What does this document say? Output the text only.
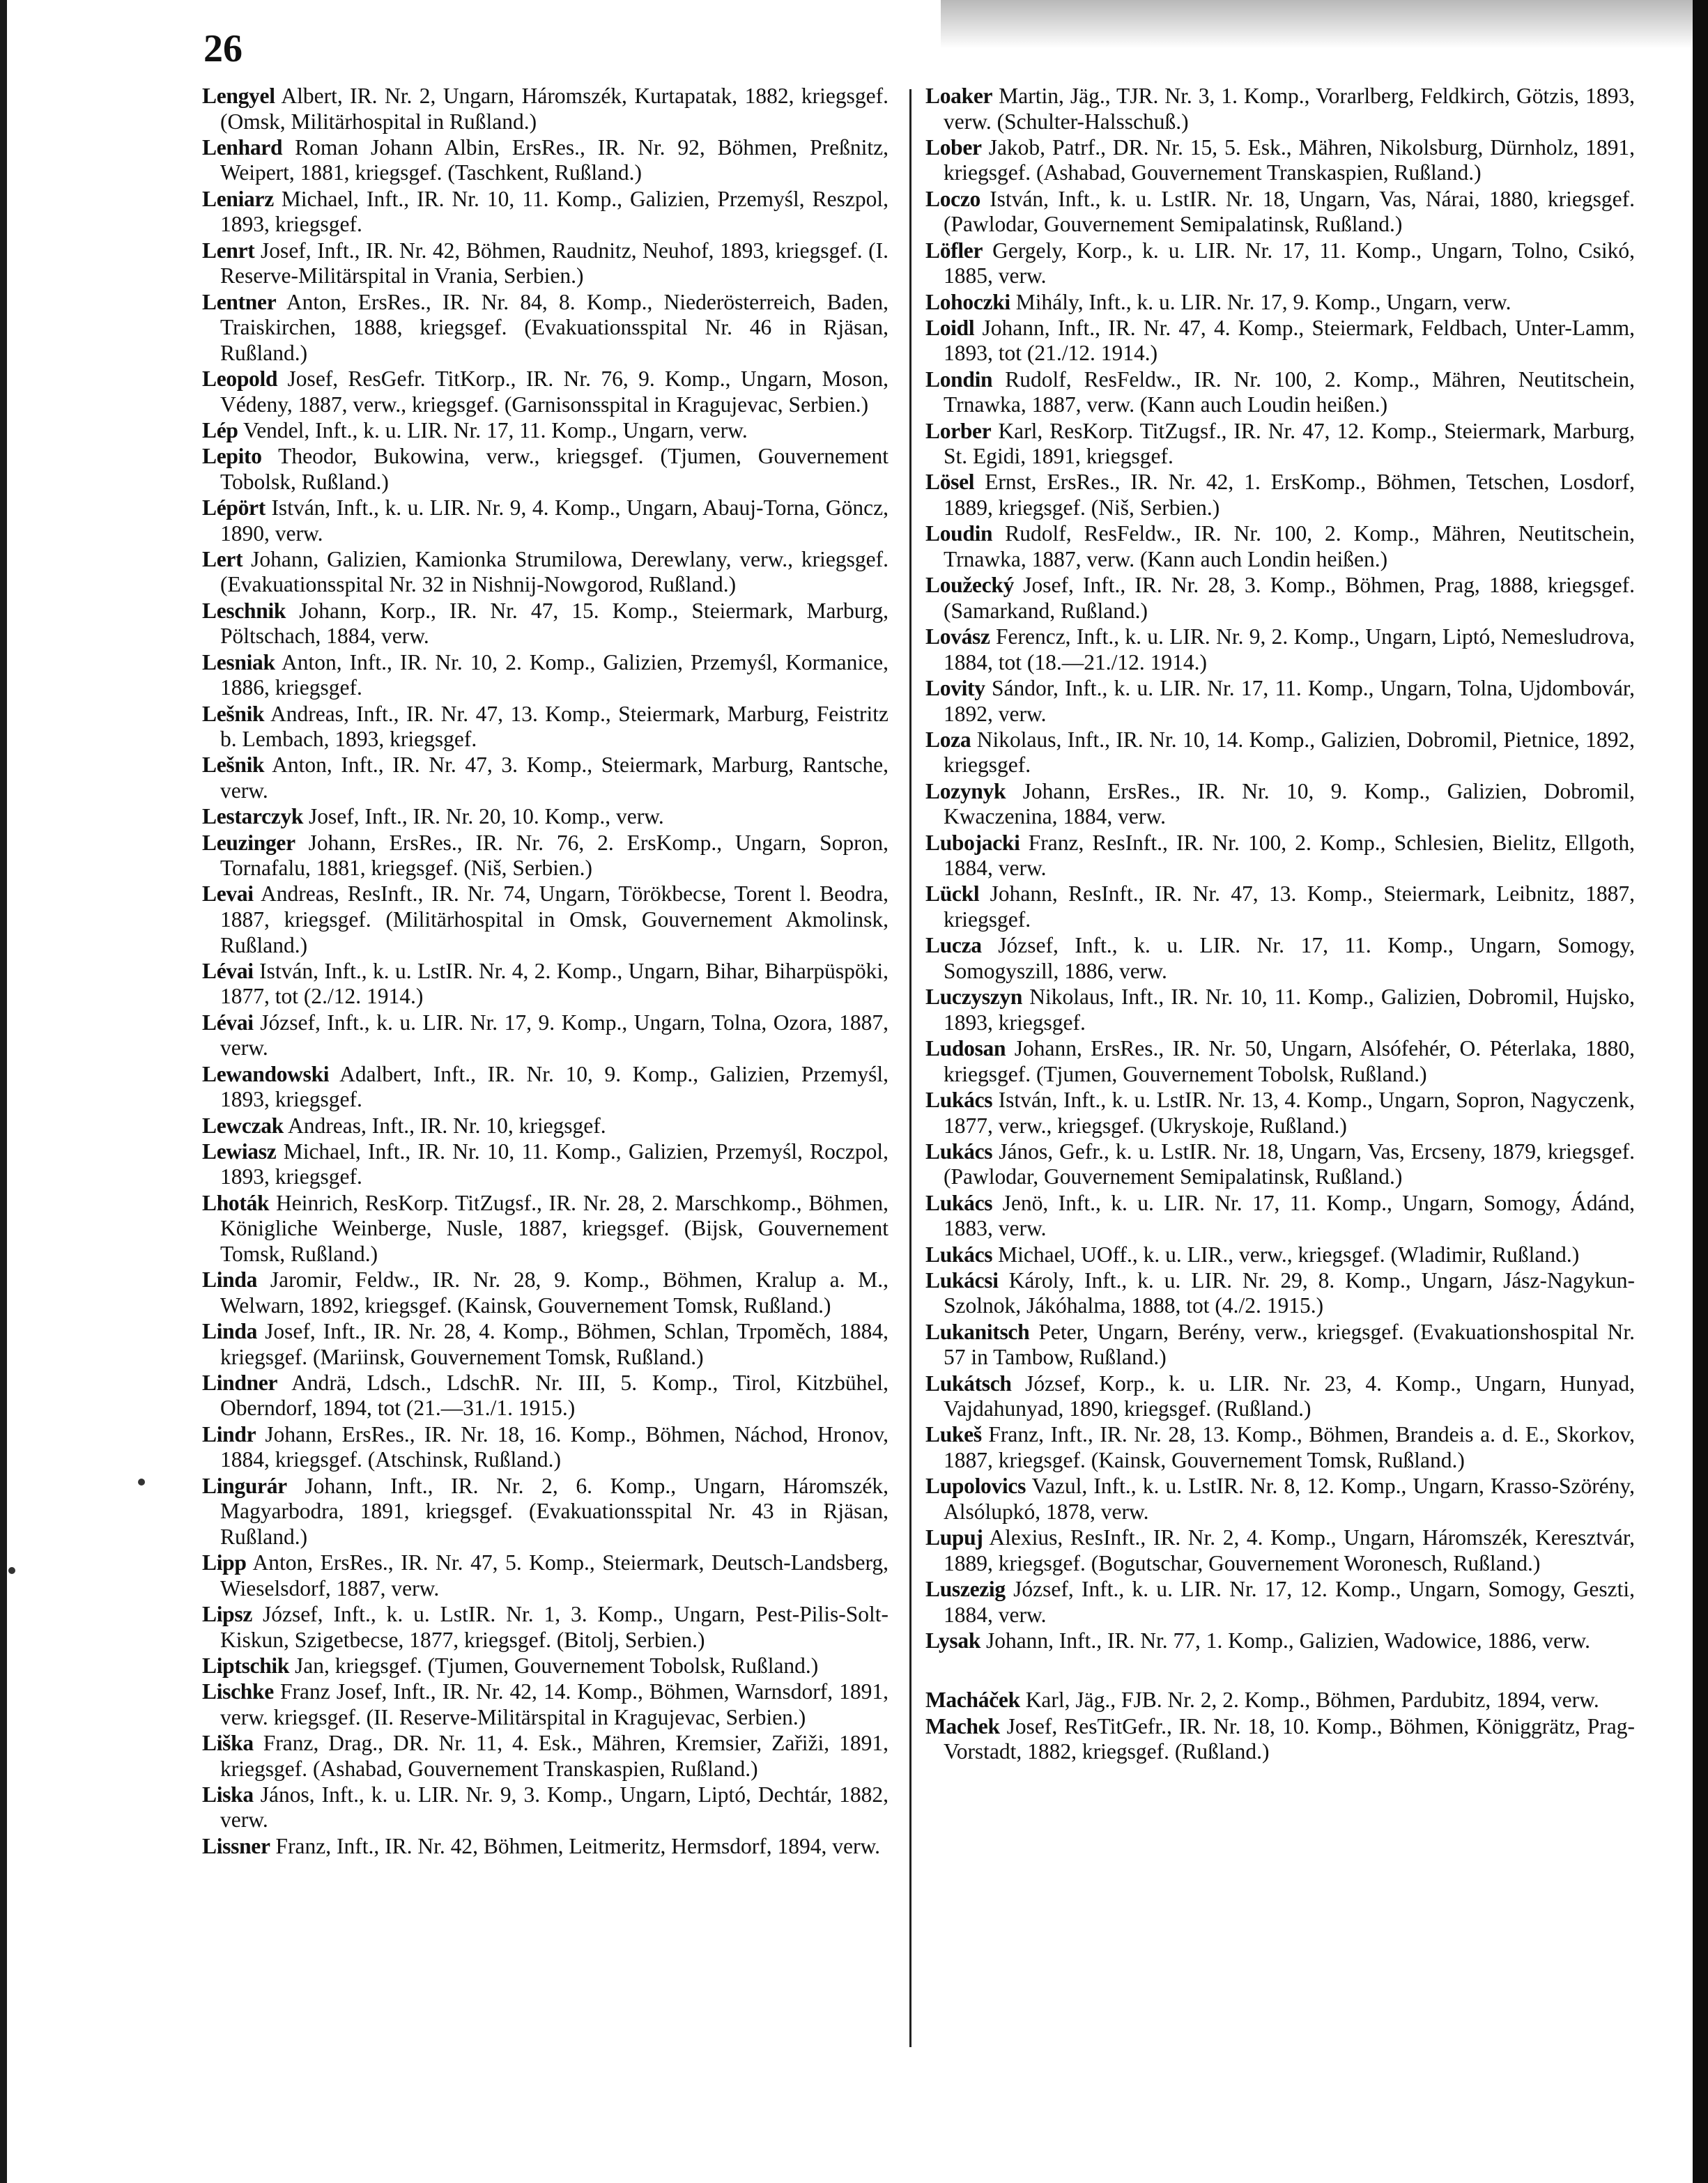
26

Lengyel Albert, IR. Nr. 2, Ungarn, Háromszék, Kurtapatak, 1882, kriegsgef. (Omsk, Militärhospital in Rußland.)

Lenhard Roman Johann Albin, ErsRes., IR. Nr. 92, Böhmen, Preßnitz, Weipert, 1881, kriegsgef. (Taschkent, Rußland.)

Leniarz Michael, Inft., IR. Nr. 10, 11. Komp., Galizien, Przemyśl, Reszpol, 1893, kriegsgef.

Lenrt Josef, Inft., IR. Nr. 42, Böhmen, Raudnitz, Neuhof, 1893, kriegsgef. (I. Reserve-Militärspital in Vrania, Serbien.)

Lentner Anton, ErsRes., IR. Nr. 84, 8. Komp., Niederösterreich, Baden, Traiskirchen, 1888, kriegsgef. (Evakuationsspital Nr. 46 in Rjäsan, Rußland.)

Leopold Josef, ResGefr. TitKorp., IR. Nr. 76, 9. Komp., Ungarn, Moson, Védeny, 1887, verw., kriegsgef. (Garnisonsspital in Kragujevac, Serbien.)

Lép Vendel, Inft., k. u. LIR. Nr. 17, 11. Komp., Ungarn, verw.

Lepito Theodor, Bukowina, verw., kriegsgef. (Tjumen, Gouvernement Tobolsk, Rußland.)

Lépört István, Inft., k. u. LIR. Nr. 9, 4. Komp., Ungarn, Abauj-Torna, Göncz, 1890, verw.

Lert Johann, Galizien, Kamionka Strumilowa, Derewlany, verw., kriegsgef. (Evakuationsspital Nr. 32 in Nishnij-Nowgorod, Rußland.)

Leschnik Johann, Korp., IR. Nr. 47, 15. Komp., Steiermark, Marburg, Pöltschach, 1884, verw.

Lesniak Anton, Inft., IR. Nr. 10, 2. Komp., Galizien, Przemyśl, Kormanice, 1886, kriegsgef.

Lešnik Andreas, Inft., IR. Nr. 47, 13. Komp., Steiermark, Marburg, Feistritz b. Lembach, 1893, kriegsgef.

Lešnik Anton, Inft., IR. Nr. 47, 3. Komp., Steiermark, Marburg, Rantsche, verw.

Lestarczyk Josef, Inft., IR. Nr. 20, 10. Komp., verw.

Leuzinger Johann, ErsRes., IR. Nr. 76, 2. ErsKomp., Ungarn, Sopron, Tornafalu, 1881, kriegsgef. (Niš, Serbien.)

Levai Andreas, ResInft., IR. Nr. 74, Ungarn, Törökbecse, Torent l. Beodra, 1887, kriegsgef. (Militärhospital in Omsk, Gouvernement Akmolinsk, Rußland.)

Lévai István, Inft., k. u. LstIR. Nr. 4, 2. Komp., Ungarn, Bihar, Biharpüspöki, 1877, tot (2./12. 1914.)

Lévai József, Inft., k. u. LIR. Nr. 17, 9. Komp., Ungarn, Tolna, Ozora, 1887, verw.

Lewandowski Adalbert, Inft., IR. Nr. 10, 9. Komp., Galizien, Przemyśl, 1893, kriegsgef.

Lewczak Andreas, Inft., IR. Nr. 10, kriegsgef.

Lewiasz Michael, Inft., IR. Nr. 10, 11. Komp., Galizien, Przemyśl, Roczpol, 1893, kriegsgef.

Lhoták Heinrich, ResKorp. TitZugsf., IR. Nr. 28, 2. Marschkomp., Böhmen, Königliche Weinberge, Nusle, 1887, kriegsgef. (Bijsk, Gouvernement Tomsk, Rußland.)

Linda Jaromir, Feldw., IR. Nr. 28, 9. Komp., Böhmen, Kralup a. M., Welwarn, 1892, kriegsgef. (Kainsk, Gouvernement Tomsk, Rußland.)

Linda Josef, Inft., IR. Nr. 28, 4. Komp., Böhmen, Schlan, Trpoměch, 1884, kriegsgef. (Mariinsk, Gouvernement Tomsk, Rußland.)

Lindner Andrä, Ldsch., LdschR. Nr. III, 5. Komp., Tirol, Kitzbühel, Oberndorf, 1894, tot (21.—31./1. 1915.)

Lindr Johann, ErsRes., IR. Nr. 18, 16. Komp., Böhmen, Náchod, Hronov, 1884, kriegsgef. (Atschinsk, Rußland.)

Lingurár Johann, Inft., IR. Nr. 2, 6. Komp., Ungarn, Háromszék, Magyarbodra, 1891, kriegsgef. (Evakuationsspital Nr. 43 in Rjäsan, Rußland.)

Lipp Anton, ErsRes., IR. Nr. 47, 5. Komp., Steiermark, Deutsch-Landsberg, Wieselsdorf, 1887, verw.

Lipsz József, Inft., k. u. LstIR. Nr. 1, 3. Komp., Ungarn, Pest-Pilis-Solt-Kiskun, Szigetbecse, 1877, kriegsgef. (Bitolj, Serbien.)

Liptschik Jan, kriegsgef. (Tjumen, Gouvernement Tobolsk, Rußland.)

Lischke Franz Josef, Inft., IR. Nr. 42, 14. Komp., Böhmen, Warnsdorf, 1891, verw. kriegsgef. (II. Reserve-Militärspital in Kragujevac, Serbien.)

Liška Franz, Drag., DR. Nr. 11, 4. Esk., Mähren, Kremsier, Zařiži, 1891, kriegsgef. (Ashabad, Gouvernement Transkaspien, Rußland.)

Liska János, Inft., k. u. LIR. Nr. 9, 3. Komp., Ungarn, Liptó, Dechtár, 1882, verw.

Lissner Franz, Inft., IR. Nr. 42, Böhmen, Leitmeritz, Hermsdorf, 1894, verw.

Loaker Martin, Jäg., TJR. Nr. 3, 1. Komp., Vorarlberg, Feldkirch, Götzis, 1893, verw. (Schulter-Halsschuß.)

Lober Jakob, Patrf., DR. Nr. 15, 5. Esk., Mähren, Nikolsburg, Dürnholz, 1891, kriegsgef. (Ashabad, Gouvernement Transkaspien, Rußland.)

Loczo István, Inft., k. u. LstIR. Nr. 18, Ungarn, Vas, Nárai, 1880, kriegsgef. (Pawlodar, Gouvernement Semipalatinsk, Rußland.)

Löfler Gergely, Korp., k. u. LIR. Nr. 17, 11. Komp., Ungarn, Tolno, Csikó, 1885, verw.

Lohoczki Mihály, Inft., k. u. LIR. Nr. 17, 9. Komp., Ungarn, verw.

Loidl Johann, Inft., IR. Nr. 47, 4. Komp., Steiermark, Feldbach, Unter-Lamm, 1893, tot (21./12. 1914.)

Londin Rudolf, ResFeldw., IR. Nr. 100, 2. Komp., Mähren, Neutitschein, Trnawka, 1887, verw. (Kann auch Loudin heißen.)

Lorber Karl, ResKorp. TitZugsf., IR. Nr. 47, 12. Komp., Steiermark, Marburg, St. Egidi, 1891, kriegsgef.

Lösel Ernst, ErsRes., IR. Nr. 42, 1. ErsKomp., Böhmen, Tetschen, Losdorf, 1889, kriegsgef. (Niš, Serbien.)

Loudin Rudolf, ResFeldw., IR. Nr. 100, 2. Komp., Mähren, Neutitschein, Trnawka, 1887, verw. (Kann auch Londin heißen.)

Loužecký Josef, Inft., IR. Nr. 28, 3. Komp., Böhmen, Prag, 1888, kriegsgef. (Samarkand, Rußland.)

Lovász Ferencz, Inft., k. u. LIR. Nr. 9, 2. Komp., Ungarn, Liptó, Nemesludrova, 1884, tot (18.—21./12. 1914.)

Lovity Sándor, Inft., k. u. LIR. Nr. 17, 11. Komp., Ungarn, Tolna, Ujdombovár, 1892, verw.

Loza Nikolaus, Inft., IR. Nr. 10, 14. Komp., Galizien, Dobromil, Pietnice, 1892, kriegsgef.

Lozynyk Johann, ErsRes., IR. Nr. 10, 9. Komp., Galizien, Dobromil, Kwaczenina, 1884, verw.

Lubojacki Franz, ResInft., IR. Nr. 100, 2. Komp., Schlesien, Bielitz, Ellgoth, 1884, verw.

Lückl Johann, ResInft., IR. Nr. 47, 13. Komp., Steiermark, Leibnitz, 1887, kriegsgef.

Lucza József, Inft., k. u. LIR. Nr. 17, 11. Komp., Ungarn, Somogy, Somogyszill, 1886, verw.

Luczyszyn Nikolaus, Inft., IR. Nr. 10, 11. Komp., Galizien, Dobromil, Hujsko, 1893, kriegsgef.

Ludosan Johann, ErsRes., IR. Nr. 50, Ungarn, Alsófehér, O. Péterlaka, 1880, kriegsgef. (Tjumen, Gouvernement Tobolsk, Rußland.)

Lukács István, Inft., k. u. LstIR. Nr. 13, 4. Komp., Ungarn, Sopron, Nagyczenk, 1877, verw., kriegsgef. (Ukryskoje, Rußland.)

Lukács János, Gefr., k. u. LstIR. Nr. 18, Ungarn, Vas, Ercseny, 1879, kriegsgef. (Pawlodar, Gouvernement Semipalatinsk, Rußland.)

Lukács Jenö, Inft., k. u. LIR. Nr. 17, 11. Komp., Ungarn, Somogy, Ádánd, 1883, verw.

Lukács Michael, UOff., k. u. LIR., verw., kriegsgef. (Wladimir, Rußland.)

Lukácsi Károly, Inft., k. u. LIR. Nr. 29, 8. Komp., Ungarn, Jász-Nagykun-Szolnok, Jákóhalma, 1888, tot (4./2. 1915.)

Lukanitsch Peter, Ungarn, Berény, verw., kriegsgef. (Evakuationshospital Nr. 57 in Tambow, Rußland.)

Lukátsch József, Korp., k. u. LIR. Nr. 23, 4. Komp., Ungarn, Hunyad, Vajdahunyad, 1890, kriegsgef. (Rußland.)

Lukeš Franz, Inft., IR. Nr. 28, 13. Komp., Böhmen, Brandeis a. d. E., Skorkov, 1887, kriegsgef. (Kainsk, Gouvernement Tomsk, Rußland.)

Lupolovics Vazul, Inft., k. u. LstIR. Nr. 8, 12. Komp., Ungarn, Krasso-Szörény, Alsólupkó, 1878, verw.

Lupuj Alexius, ResInft., IR. Nr. 2, 4. Komp., Ungarn, Háromszék, Keresztvár, 1889, kriegsgef. (Bogutschar, Gouvernement Woronesch, Rußland.)

Luszezig József, Inft., k. u. LIR. Nr. 17, 12. Komp., Ungarn, Somogy, Geszti, 1884, verw.

Lysak Johann, Inft., IR. Nr. 77, 1. Komp., Galizien, Wadowice, 1886, verw.

Macháček Karl, Jäg., FJB. Nr. 2, 2. Komp., Böhmen, Pardubitz, 1894, verw.

Machek Josef, ResTitGefr., IR. Nr. 18, 10. Komp., Böhmen, Königgrätz, Prag-Vorstadt, 1882, kriegsgef. (Rußland.)
